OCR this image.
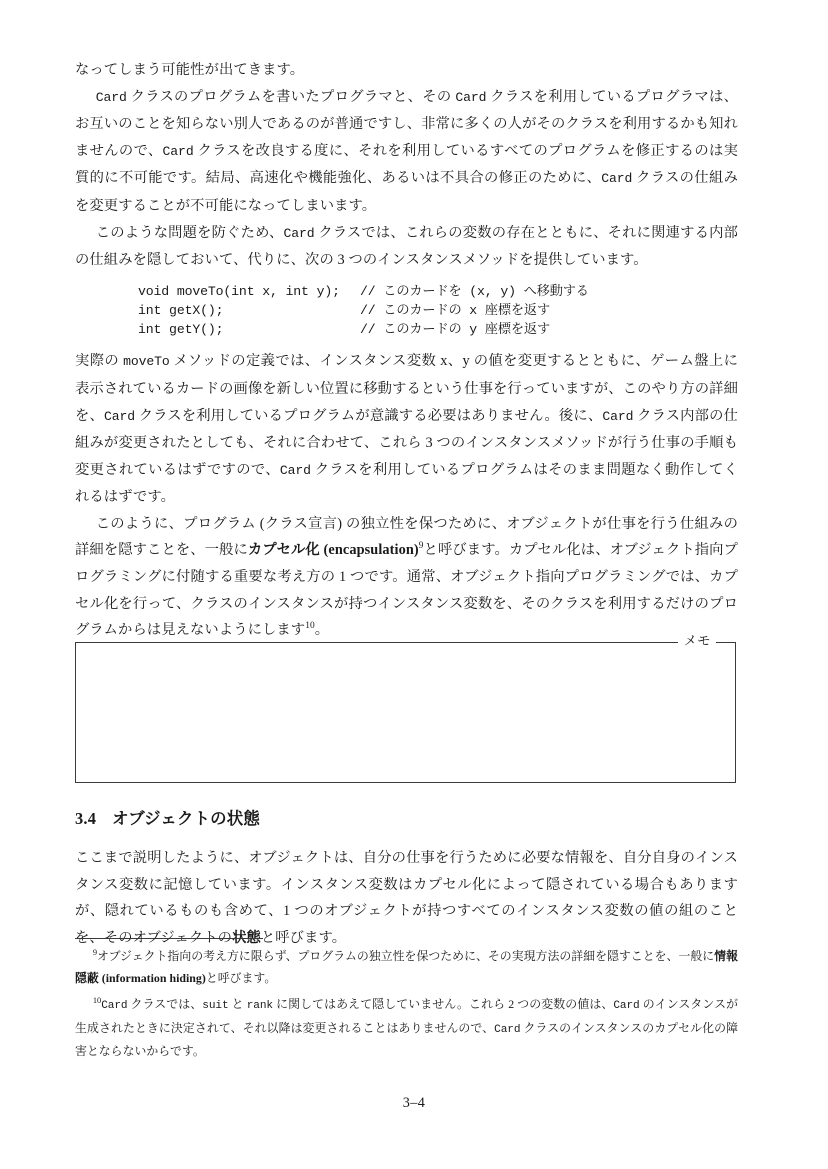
なってしまう可能性が出てきます。

Card クラスのプログラムを書いたプログラマと、その Card クラスを利用しているプログラマは、お互いのことを知らない別人であるのが普通ですし、非常に多くの人がそのクラスを利用するかも知れませんので、Card クラスを改良する度に、それを利用しているすべてのプログラムを修正するのは実質的に不可能です。結局、高速化や機能強化、あるいは不具合の修正のために、Card クラスの仕組みを変更することが不可能になってしまいます。

このような問題を防ぐため、Card クラスでは、これらの変数の存在とともに、それに関連する内部の仕組みを隠しておいて、代りに、次の 3 つのインスタンスメソッドを提供しています。

void moveTo(int x, int y); // このカードを (x, y) へ移動する
int getX();	// このカードの x 座標を返す
int getY();	// このカードの y 座標を返す

実際の moveTo メソッドの定義では、インスタンス変数 x、y の値を変更するとともに、ゲーム盤上に表示されているカードの画像を新しい位置に移動するという仕事を行っていますが、このやり方の詳細を、Card クラスを利用しているプログラムが意識する必要はありません。後に、Card クラス内部の仕組みが変更されたとしても、それに合わせて、これら 3 つのインスタンスメソッドが行う仕事の手順も変更されているはずですので、Card クラスを利用しているプログラムはそのまま問題なく動作してくれるはずです。

このように、プログラム (クラス宣言) の独立性を保つために、オブジェクトが仕事を行う仕組みの詳細を隠すことを、一般にカプセル化 (encapsulation)$^9$と呼びます。カプセル化は、オブジェクト指向プログラミングに付随する重要な考え方の 1 つです。通常、オブジェクト指向プログラミングでは、カプセル化を行って、クラスのインスタンスが持つインスタンス変数を、そのクラスを利用するだけのプログラムからは見えないようにします$^{10}$。

メモ
3.4 オブジェクトの状態

ここまで説明したように、オブジェクトは、自分の仕事を行うために必要な情報を、自分自身のインスタンス変数に記憶しています。インスタンス変数はカプセル化によって隠されている場合もありますが、隠れているものも含めて、1 つのオブジェクトが持つすべてのインスタンス変数の値の組のことを、そのオブジェクトの状態と呼びます。

$^9$オブジェクト指向の考え方に限らず、プログラムの独立性を保つために、その実現方法の詳細を隠すことを、一般に情報隠蔽 (information hiding)と呼びます。

$^{10}$Card クラスでは、suit と rank に関してはあえて隠していません。これら 2 つの変数の値は、Card のインスタンスが生成されたときに決定されて、それ以降は変更されることはありませんので、Card クラスのインスタンスのカプセル化の障害とならないからです。

3–4
